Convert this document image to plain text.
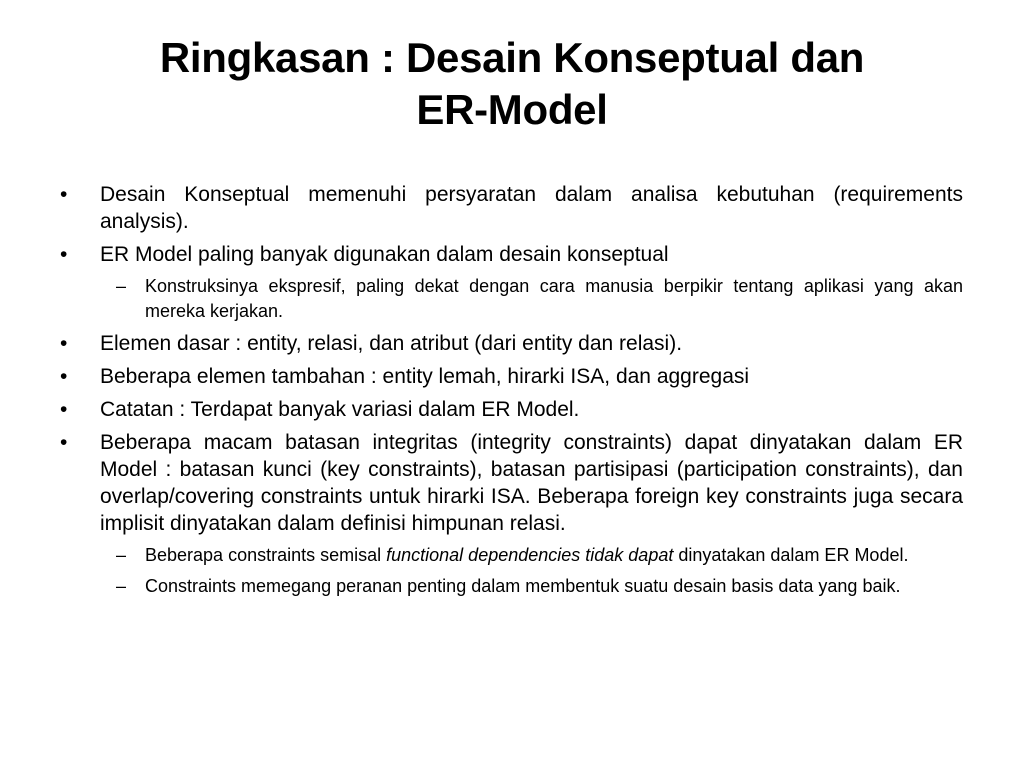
Ringkasan : Desain Konseptual dan
ER-Model
• Desain Konseptual memenuhi persyaratan dalam analisa kebutuhan (requirements analysis).
• ER Model paling banyak digunakan dalam desain konseptual
– Konstruksinya ekspresif, paling dekat dengan cara manusia berpikir tentang aplikasi yang akan mereka kerjakan.
• Elemen dasar : entity, relasi, dan atribut (dari entity dan relasi).
• Beberapa elemen tambahan : entity lemah, hirarki ISA, dan aggregasi
• Catatan : Terdapat banyak variasi dalam ER Model.
• Beberapa macam batasan integritas (integrity constraints) dapat dinyatakan dalam ER Model : batasan kunci (key constraints), batasan partisipasi (participation constraints), dan overlap/covering constraints untuk hirarki ISA. Beberapa foreign key constraints juga secara implisit dinyatakan dalam definisi himpunan relasi.
– Beberapa constraints semisal functional dependencies tidak dapat dinyatakan dalam ER Model.
– Constraints memegang peranan penting dalam membentuk suatu desain basis data yang baik.
